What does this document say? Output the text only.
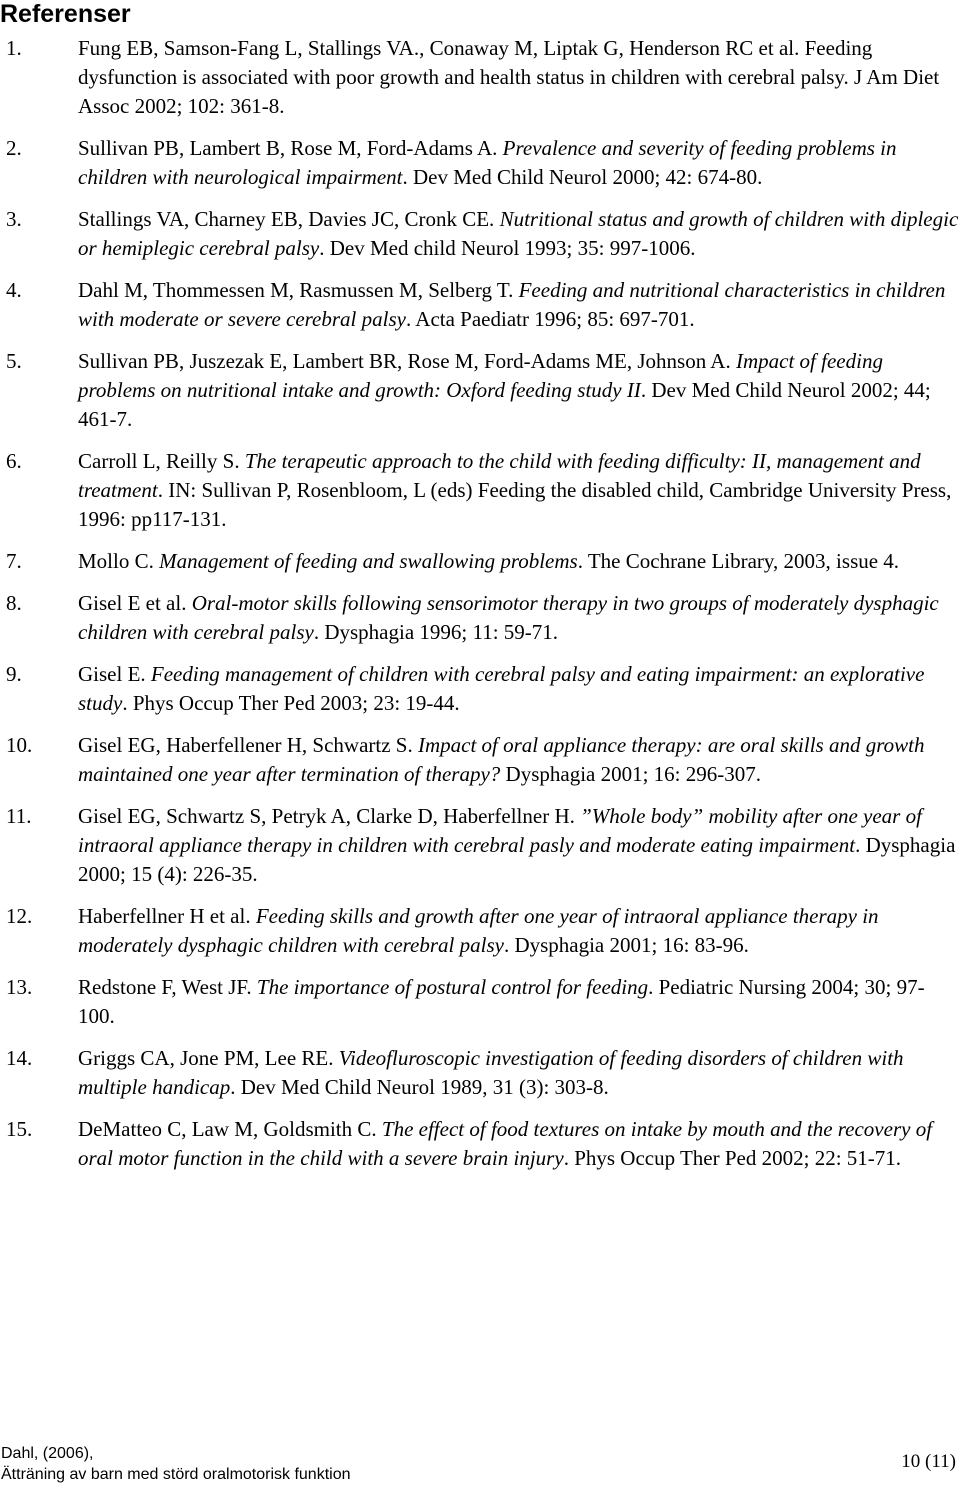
Referenser
1.	Fung EB, Samson-Fang L, Stallings VA., Conaway M, Liptak G, Henderson RC et al. Feeding dysfunction is associated with poor growth and health status in children with cerebral palsy. J Am Diet Assoc 2002; 102: 361-8.
2.	Sullivan PB, Lambert B, Rose M, Ford-Adams A. Prevalence and severity of feeding problems in children with neurological impairment. Dev Med Child Neurol 2000; 42: 674-80.
3.	Stallings VA, Charney EB, Davies JC, Cronk CE. Nutritional status and growth of children with diplegic or hemiplegic cerebral palsy. Dev Med child Neurol 1993; 35: 997-1006.
4.	Dahl M, Thommessen M, Rasmussen M, Selberg T. Feeding and nutritional characteristics in children with moderate or severe cerebral palsy. Acta Paediatr 1996; 85: 697-701.
5.	Sullivan PB, Juszezak E, Lambert BR, Rose M, Ford-Adams ME, Johnson A. Impact of feeding problems on nutritional intake and growth: Oxford feeding study II. Dev Med Child Neurol 2002; 44; 461-7.
6.	Carroll L, Reilly S. The terapeutic approach to the child with feeding difficulty: II, management and treatment. IN: Sullivan P, Rosenbloom, L (eds) Feeding the disabled child, Cambridge University Press, 1996: pp117-131.
7.	Mollo C. Management of feeding and swallowing problems. The Cochrane Library, 2003, issue 4.
8.	Gisel E et al. Oral-motor skills following sensorimotor therapy in two groups of moderately dysphagic children with cerebral palsy. Dysphagia 1996; 11: 59-71.
9.	Gisel E. Feeding management of children with cerebral palsy and eating impairment: an explorative study. Phys Occup Ther Ped 2003; 23: 19-44.
10. Gisel EG, Haberfellener H, Schwartz S. Impact of oral appliance therapy: are oral skills and growth maintained one year after termination of therapy? Dysphagia 2001; 16: 296-307.
11. Gisel EG, Schwartz S, Petryk A, Clarke D, Haberfellner H. ”Whole body” mobility after one year of intraoral appliance therapy in children with cerebral pasly and moderate eating impairment. Dysphagia 2000; 15 (4): 226-35.
12. Haberfellner H et al. Feeding skills and growth after one year of intraoral appliance therapy in moderately dysphagic children with cerebral palsy. Dysphagia 2001; 16: 83-96.
13. Redstone F, West JF. The importance of postural control for feeding. Pediatric Nursing 2004; 30; 97-100.
14. Griggs CA, Jone PM, Lee RE. Videofluroscopic investigation of feeding disorders of children with multiple handicap. Dev Med Child Neurol 1989, 31 (3): 303-8.
15. DeMatteo C, Law M, Goldsmith C. The effect of food textures on intake by mouth and the recovery of oral motor function in the child with a severe brain injury. Phys Occup Ther Ped 2002; 22: 51-71.
Dahl, (2006),
Ätträning av barn med störd oralmotorisk funktion
10 (11)
